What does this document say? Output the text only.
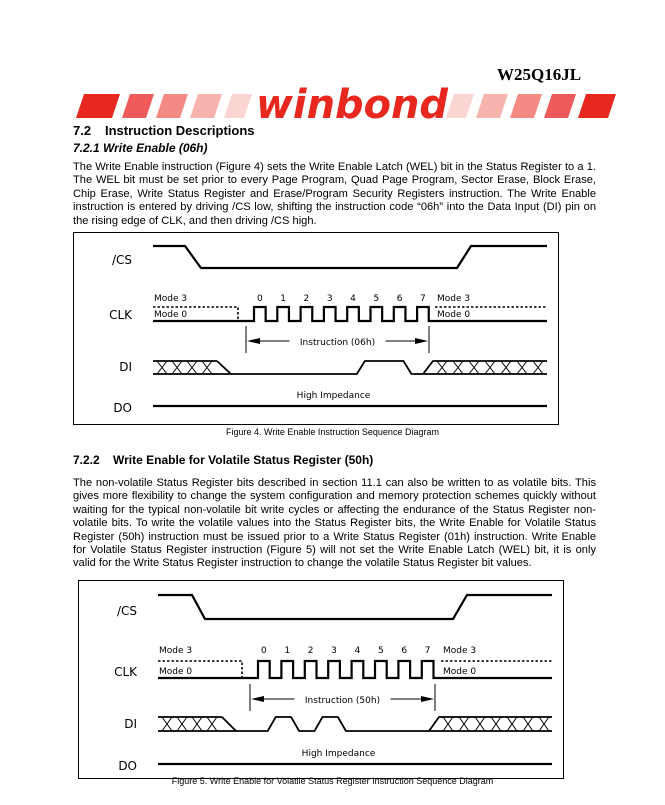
W25Q16JL
winbond
7.2 Instruction Descriptions
7.2.1 Write Enable (06h)
The Write Enable instruction (Figure 4) sets the Write Enable Latch (WEL) bit in the Status Register to a 1. The WEL bit must be set prior to every Page Program, Quad Page Program, Sector Erase, Block Erase, Chip Erase, Write Status Register and Erase/Program Security Registers instruction. The Write Enable instruction is entered by driving /CS low, shifting the instruction code “06h” into the Data Input (DI) pin on the rising edge of CLK, and then driving /CS high.
/CS
CLK
DI
DO
Mode 3
Mode 0
Mode 3
Mode 0
0 1 2 3 4 5 6 7
Instruction (06h)
High Impedance
Figure 4. Write Enable Instruction Sequence Diagram
7.2.2 Write Enable for Volatile Status Register (50h)
The non-volatile Status Register bits described in section 11.1 can also be written to as volatile bits. This gives more flexibility to change the system configuration and memory protection schemes quickly without waiting for the typical non-volatile bit write cycles or affecting the endurance of the Status Register non-volatile bits. To write the volatile values into the Status Register bits, the Write Enable for Volatile Status Register (50h) instruction must be issued prior to a Write Status Register (01h) instruction. Write Enable for Volatile Status Register instruction (Figure 5) will not set the Write Enable Latch (WEL) bit, it is only valid for the Write Status Register instruction to change the volatile Status Register bit values.
/CS
CLK
DI
DO
Mode 3
Mode 0
Mode 3
Mode 0
0 1 2 3 4 5 6 7
Instruction (50h)
High Impedance
Figure 5. Write Enable for Volatile Status Register Instruction Sequence Diagram
